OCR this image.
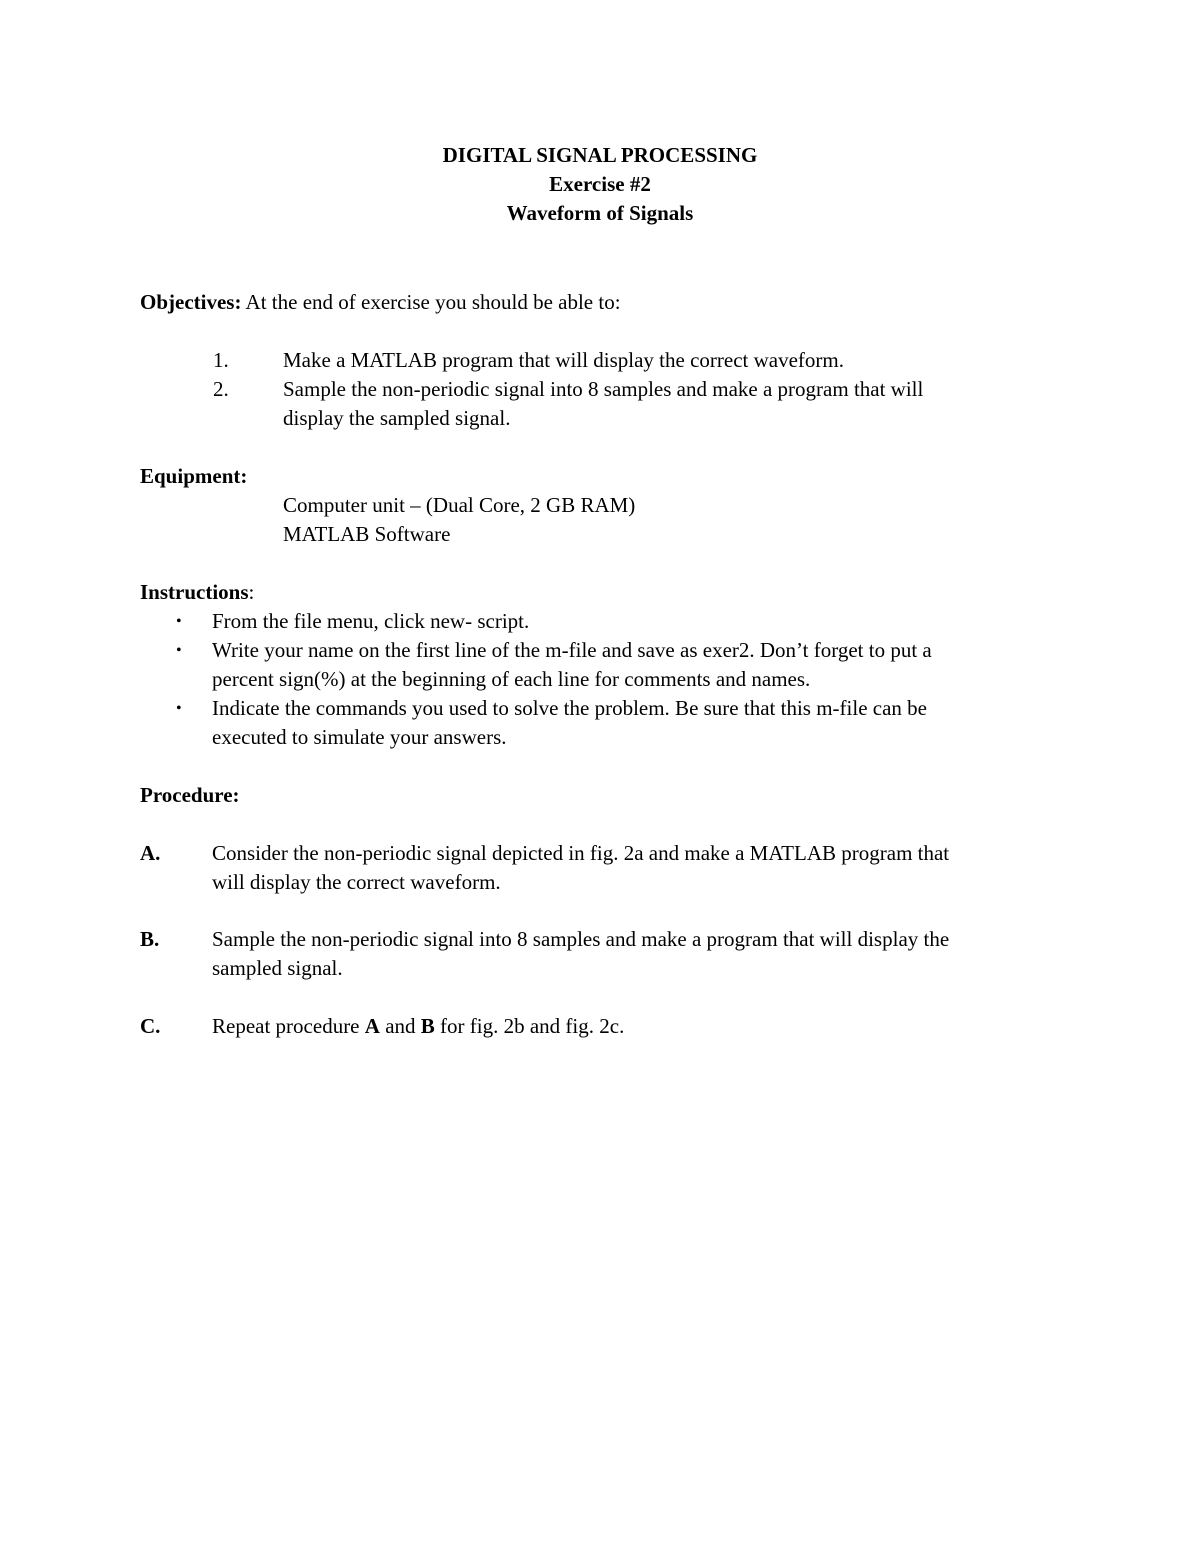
DIGITAL SIGNAL PROCESSING
Exercise #2
Waveform of Signals
Objectives: At the end of exercise you should be able to:
1.	Make a MATLAB program that will display the correct waveform.
2.	Sample the non-periodic signal into 8 samples and make a program that will
display the sampled signal.
Equipment:
Computer unit – (Dual Core, 2 GB RAM)
MATLAB Software
Instructions:
• From the file menu, click new- script.
• Write your name on the first line of the m-file and save as exer2. Don’t forget to put a
percent sign(%) at the beginning of each line for comments and names.
• Indicate the commands you used to solve the problem. Be sure that this m-file can be
executed to simulate your answers.
Procedure:
A. Consider the non-periodic signal depicted in fig. 2a and make a MATLAB program that
will display the correct waveform.
B.	Sample the non-periodic signal into 8 samples and make a program that will display the
sampled signal.
C. Repeat procedure A and B for fig. 2b and fig. 2c.
